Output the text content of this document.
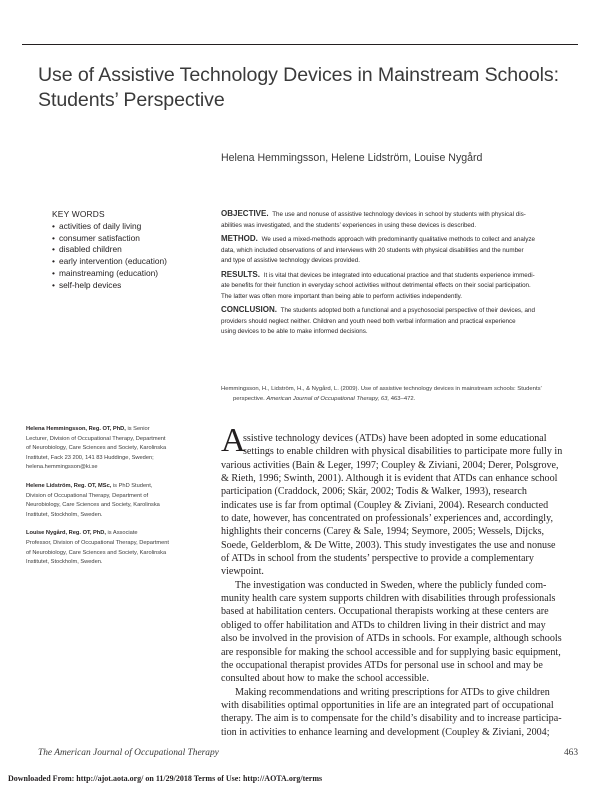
Use of Assistive Technology Devices in Mainstream Schools:
Students’ Perspective
Helena Hemmingsson, Helene Lidström, Louise Nygård
KEY WORDS
• activities of daily living
• consumer satisfaction
• disabled children
• early intervention (education)
• mainstreaming (education)
• self-help devices
OBJECTIVE. The use and nonuse of assistive technology devices in school by students with physical dis-
abilities was investigated, and the students’ experiences in using these devices is described.
METHOD. We used a mixed-methods approach with predominantly qualitative methods to collect and analyze
data, which included observations of and interviews with 20 students with physical disabilities and the number
and type of assistive technology devices provided.
RESULTS. It is vital that devices be integrated into educational practice and that students experience immedi-
ate benefits for their function in everyday school activities without detrimental effects on their social participation.
The latter was often more important than being able to perform activities independently.
CONCLUSION. The students adopted both a functional and a psychosocial perspective of their devices, and
providers should neglect neither. Children and youth need both verbal information and practical experience
using devices to be able to make informed decisions.
Hemmingsson, H., Lidström, H., & Nygård, L. (2009). Use of assistive technology devices in mainstream schools: Students’
perspective. American Journal of Occupational Therapy, 63, 463–472.
Helena Hemmingsson, Reg. OT, PhD, is Senior
Lecturer, Division of Occupational Therapy, Department
of Neurobiology, Care Sciences and Society, Karolinska
Institutet, Fack 23 200, 141 83 Huddinge, Sweden;
helena.hemmingsson@ki.se
Helene Lidström, Reg. OT, MSc, is PhD Student,
Division of Occupational Therapy, Department of
Neurobiology, Care Sciences and Society, Karolinska
Institutet, Stockholm, Sweden.
Louise Nygård, Reg. OT, PhD, is Associate
Professor, Division of Occupational Therapy, Department
of Neurobiology, Care Sciences and Society, Karolinska
Institutet, Stockholm, Sweden.
A
ssistive technology devices (ATDs) have been adopted in some educational
settings to enable children with physical disabilities to participate more fully in
various activities (Bain & Leger, 1997; Coupley & Ziviani, 2004; Derer, Polsgrove,
& Rieth, 1996; Swinth, 2001). Although it is evident that ATDs can enhance school
participation (Craddock, 2006; Skär, 2002; Todis & Walker, 1993), research
indicates use is far from optimal (Coupley & Ziviani, 2004). Research conducted
to date, however, has concentrated on professionals’ experiences and, accordingly,
highlights their concerns (Carey & Sale, 1994; Seymore, 2005; Wessels, Dijcks,
Soede, Gelderblom, & De Witte, 2003). This study investigates the use and nonuse
of ATDs in school from the students’ perspective to provide a complementary
viewpoint.
The investigation was conducted in Sweden, where the publicly funded com-
munity health care system supports children with disabilities through professionals
based at habilitation centers. Occupational therapists working at these centers are
obliged to offer habilitation and ATDs to children living in their district and may
also be involved in the provision of ATDs in schools. For example, although schools
are responsible for making the school accessible and for supplying basic equipment,
the occupational therapist provides ATDs for personal use in school and may be
consulted about how to make the school accessible.
Making recommendations and writing prescriptions for ATDs to give children
with disabilities optimal opportunities in life are an integrated part of occupational
therapy. The aim is to compensate for the child’s disability and to increase participa-
tion in activities to enhance learning and development (Coupley & Ziviani, 2004;
The American Journal of Occupational Therapy	463
Downloaded From: http://ajot.aota.org/ on 11/29/2018 Terms of Use: http://AOTA.org/terms
